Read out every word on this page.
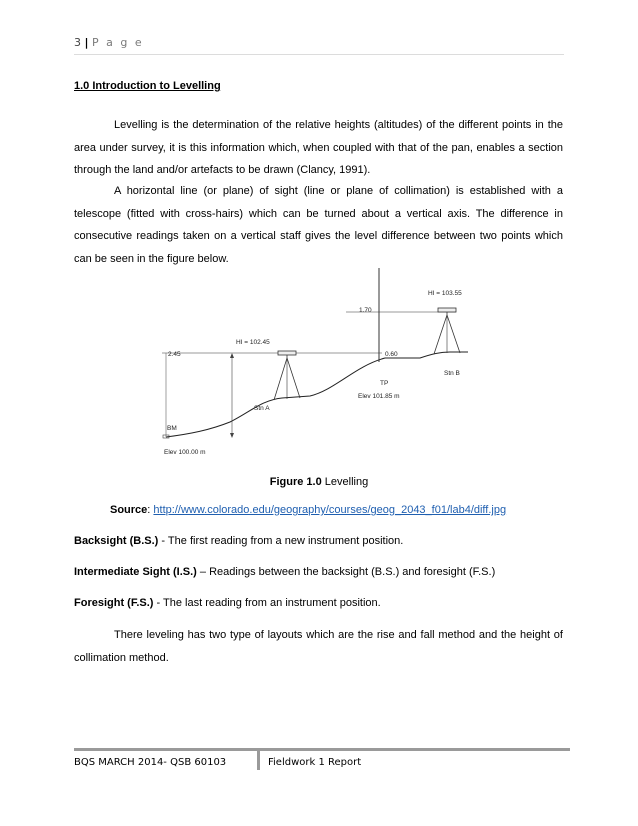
3 | P a g e
1.0 Introduction to Levelling

Levelling is the determination of the relative heights (altitudes) of the different points in the area under survey, it is this information which, when coupled with that of the pan, enables a section through the land and/or artefacts to be drawn (Clancy, 1991).

A horizontal line (or plane) of sight (line or plane of collimation) is established with a telescope (fitted with cross-hairs) which can be turned about a vertical axis. The difference in consecutive readings taken on a vertical staff gives the level difference between two points which can be seen in the figure below.

HI = 103.55
1.70
HI = 102.45
2.45	0.60
TP
Stn B
Elev 101.85 m
Stn A
BM
Elev 100.00 m
Figure 1.0 Levelling
Source: http://www.colorado.edu/geography/courses/geog_2043_f01/lab4/diff.jpg
Backsight (B.S.) - The first reading from a new instrument position.
Intermediate Sight (I.S.) – Readings between the backsight (B.S.) and foresight (F.S.)
Foresight (F.S.) - The last reading from an instrument position.

There leveling has two type of layouts which are the rise and fall method and the height of collimation method.

BQS MARCH 2014- QSB 60103	Fieldwork 1 Report
